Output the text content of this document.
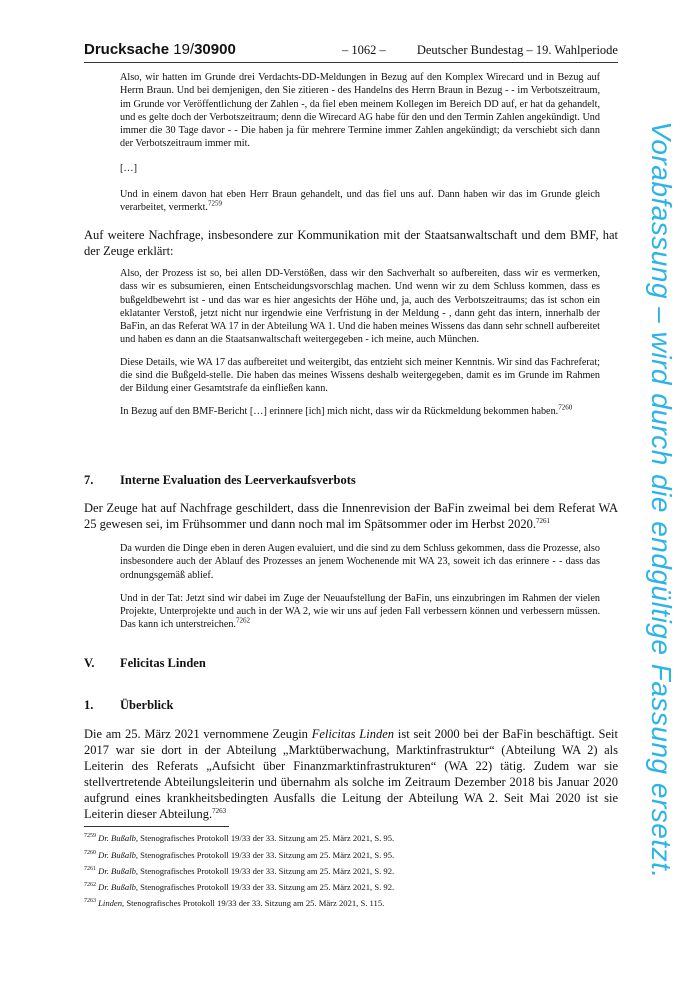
Drucksache 19/30900	– 1062 – Deutscher Bundestag – 19. Wahlperiode

Also, wir hatten im Grunde drei Verdachts-DD-Meldungen in Bezug auf den Komplex Wirecard und in Bezug auf Herrn Braun. Und bei demjenigen, den Sie zitieren - des Handelns des Herrn Braun in Bezug - - im Verbotszeitraum, im Grunde vor Veröffentlichung der Zahlen -, da fiel eben meinem Kollegen im Bereich DD auf, er hat da gehandelt, und es gelte doch der Verbotszeitraum; denn die Wirecard AG habe für den und den Termin Zahlen angekündigt. Und immer die 30 Tage davor - - Die haben ja für mehrere Termine immer Zahlen angekündigt; da verschiebt sich dann der Verbotszeitraum immer mit.

[…]

Und in einem davon hat eben Herr Braun gehandelt, und das fiel uns auf. Dann haben wir das im Grunde gleich verarbeitet, vermerkt.$^{7259}$

Auf weitere Nachfrage, insbesondere zur Kommunikation mit der Staatsanwaltschaft und dem BMF, hat der Zeuge erklärt:

Also, der Prozess ist so, bei allen DD-Verstößen, dass wir den Sachverhalt so aufbereiten, dass wir es vermerken, dass wir es subsumieren, einen Entscheidungsvorschlag machen. Und wenn wir zu dem Schluss kommen, dass es bußgeldbewehrt ist - und das war es hier angesichts der Höhe und, ja, auch des Verbotszeitraums; das ist schon ein eklatanter Verstoß, jetzt nicht nur irgendwie eine Verfristung in der Meldung - , dann geht das intern, innerhalb der BaFin, an das Referat WA 17 in der Abteilung WA 1. Und die haben meines Wissens das dann sehr schnell aufbereitet und haben es dann an die Staatsanwaltschaft weitergegeben - ich meine, auch München.

Diese Details, wie WA 17 das aufbereitet und weitergibt, das entzieht sich meiner Kenntnis. Wir sind das Fachreferat; die sind die Bußgeld-stelle. Die haben das meines Wissens deshalb weitergegeben, damit es im Grunde im Rahmen der Bildung einer Gesamtstrafe da einfließen kann.

In Bezug auf den BMF-Bericht […] erinnere [ich] mich nicht, dass wir da Rückmeldung bekommen haben.$^{7260}$

7. Interne Evaluation des Leerverkaufsverbots
Der Zeuge hat auf Nachfrage geschildert, dass die Innenrevision der BaFin zweimal bei dem Referat WA 25 gewesen sei, im Frühsommer und dann noch mal im Spätsommer oder im Herbst 2020.$^{7261}$

Da wurden die Dinge eben in deren Augen evaluiert, und die sind zu dem Schluss gekommen, dass die Prozesse, also insbesondere auch der Ablauf des Prozesses an jenem Wochenende mit WA 23, soweit ich das erinnere - - dass das ordnungsgemäß ablief.

Und in der Tat: Jetzt sind wir dabei im Zuge der Neuaufstellung der BaFin, uns einzubringen im Rahmen der vielen Projekte, Unterprojekte und auch in der WA 2, wie wir uns auf jeden Fall verbessern können und verbessern müssen. Das kann ich unterstreichen.$^{7262}$

V. Felicitas Linden
1. Überblick
Die am 25. März 2021 vernommene Zeugin Felicitas Linden ist seit 2000 bei der BaFin beschäftigt. Seit 2017 war sie dort in der Abteilung „Marktüberwachung, Marktinfrastruktur“ (Abteilung WA 2) als Leiterin des Referats „Aufsicht über Finanzmarktinfrastrukturen“ (WA 22) tätig. Zudem war sie stellvertretende Abteilungsleiterin und übernahm als solche im Zeitraum Dezember 2018 bis Januar 2020 aufgrund eines krankheitsbedingten Ausfalls die Leitung der Abteilung WA 2. Seit Mai 2020 ist sie Leiterin dieser Abteilung.$^{7263}$
$^{7259}$ Dr. Bußalb, Stenografisches Protokoll 19/33 der 33. Sitzung am 25. März 2021, S. 95.
$^{7260}$ Dr. Bußalb, Stenografisches Protokoll 19/33 der 33. Sitzung am 25. März 2021, S. 95.
$^{7261}$ Dr. Bußalb, Stenografisches Protokoll 19/33 der 33. Sitzung am 25. März 2021, S. 92.
$^{7262}$ Dr. Bußalb, Stenografisches Protokoll 19/33 der 33. Sitzung am 25. März 2021, S. 92.
$^{7263}$ Linden, Stenografisches Protokoll 19/33 der 33. Sitzung am 25. März 2021, S. 115.
Vorabfassung – wird durch die endgültige Fassung ersetzt.
